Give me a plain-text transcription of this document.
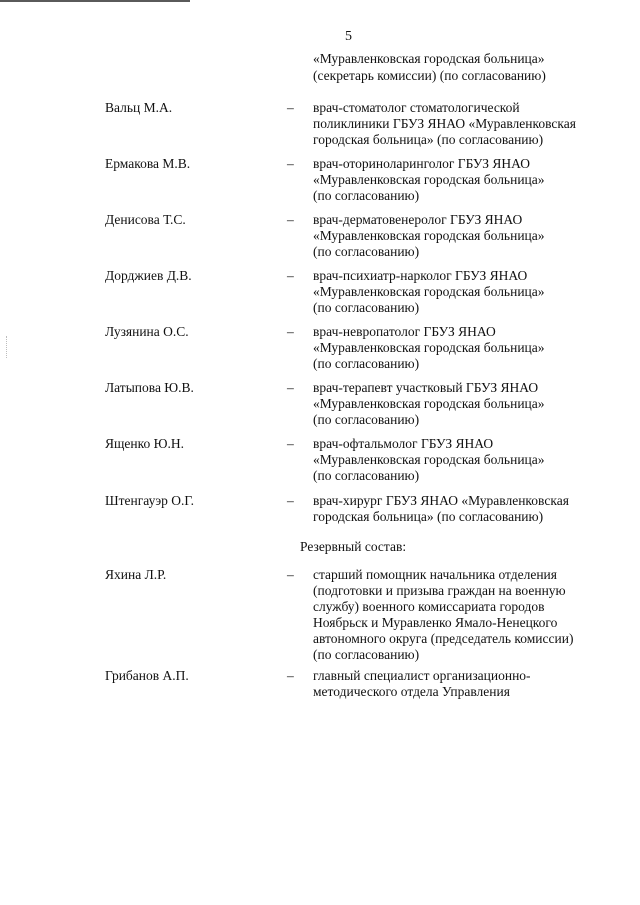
5
«Муравленковская городская больница»
(секретарь комиссии) (по согласованию)
Вальц М.А.	– врач-стоматолог стоматологической
поликлиники ГБУЗ ЯНАО «Муравленковская
городская больница» (по согласованию)
Ермакова М.В.	– врач-оториноларинголог ГБУЗ ЯНАО
«Муравленковская городская больница»
(по согласованию)
Денисова Т.С.	– врач-дерматовенеролог ГБУЗ ЯНАО
«Муравленковская городская больница»
(по согласованию)
Дорджиев Д.В.	– врач-психиатр-нарколог ГБУЗ ЯНАО
«Муравленковская городская больница»
(по согласованию)
Лузянина О.С.	– врач-невропатолог ГБУЗ ЯНАО
«Муравленковская городская больница»
(по согласованию)
Латыпова Ю.В.	– врач-терапевт участковый ГБУЗ ЯНАО
«Муравленковская городская больница»
(по согласованию)
Ященко Ю.Н.	– врач-офтальмолог ГБУЗ ЯНАО
«Муравленковская городская больница»
(по согласованию)
Штенгауэр О.Г.	– врач-хирург ГБУЗ ЯНАО «Муравленковская
городская больница» (по согласованию)
Резервный состав:
Яхина Л.Р.	– старший помощник начальника отделения
(подготовки и призыва граждан на военную
службу) военного комиссариата городов
Ноябрьск и Муравленко Ямало-Ненецкого
автономного округа (председатель комиссии)
(по согласованию)
Грибанов А.П.	– главный специалист организационно-
методического отдела Управления
